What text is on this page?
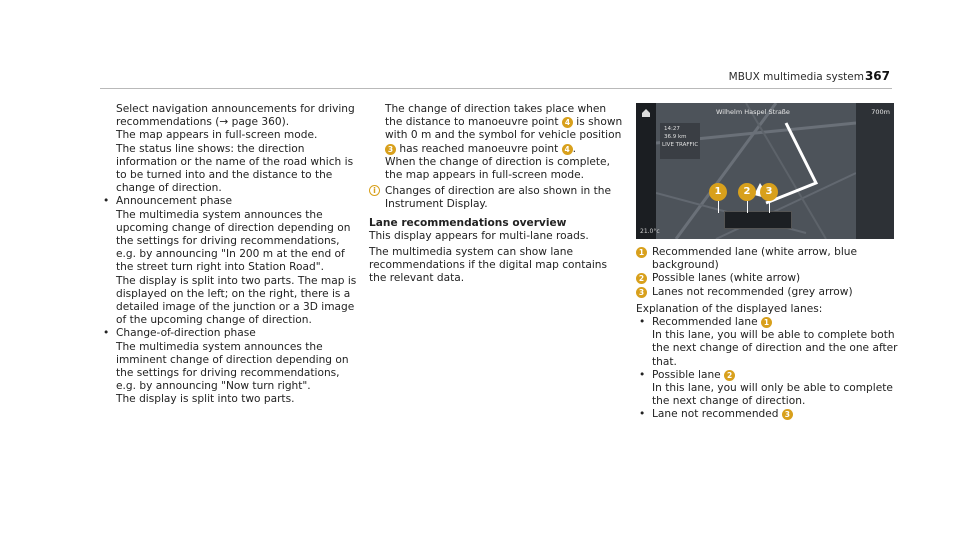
MBUX multimedia system 367
Select navigation announcements for driving recommendations (→ page 360).
The map appears in full-screen mode.
The status line shows: the direction information or the name of the road which is to be turned into and the distance to the change of direction.
• Announcement phase
The multimedia system announces the upcoming change of direction depending on the settings for driving recommendations, e.g. by announcing "In 200 m at the end of the street turn right into Station Road".
The display is split into two parts. The map is displayed on the left; on the right, there is a detailed image of the junction or a 3D image of the upcoming change of direction.
• Change-of-direction phase
The multimedia system announces the imminent change of direction depending on the settings for driving recommendations, e.g. by announcing "Now turn right".
The display is split into two parts.
The change of direction takes place when the distance to manoeuvre point 4 is shown with 0 m and the symbol for vehicle position 3 has reached manoeuvre point 4 .
When the change of direction is complete, the map appears in full-screen mode.
i Changes of direction are also shown in the Instrument Display.
Lane recommendations overview
This display appears for multi-lane roads.
The multimedia system can show lane recommendations if the digital map contains the relevant data.
Wilhelm Haspel Straße	700m
14:27
36.9 km
LIVE TRAFFIC
21.0°c
1	2	3
1 Recommended lane (white arrow, blue background)
2 Possible lanes (white arrow)
3 Lanes not recommended (grey arrow)
Explanation of the displayed lanes:
• Recommended lane 1
In this lane, you will be able to complete both the next change of direction and the one after that.
• Possible lane 2
In this lane, you will only be able to complete the next change of direction.
• Lane not recommended 3
